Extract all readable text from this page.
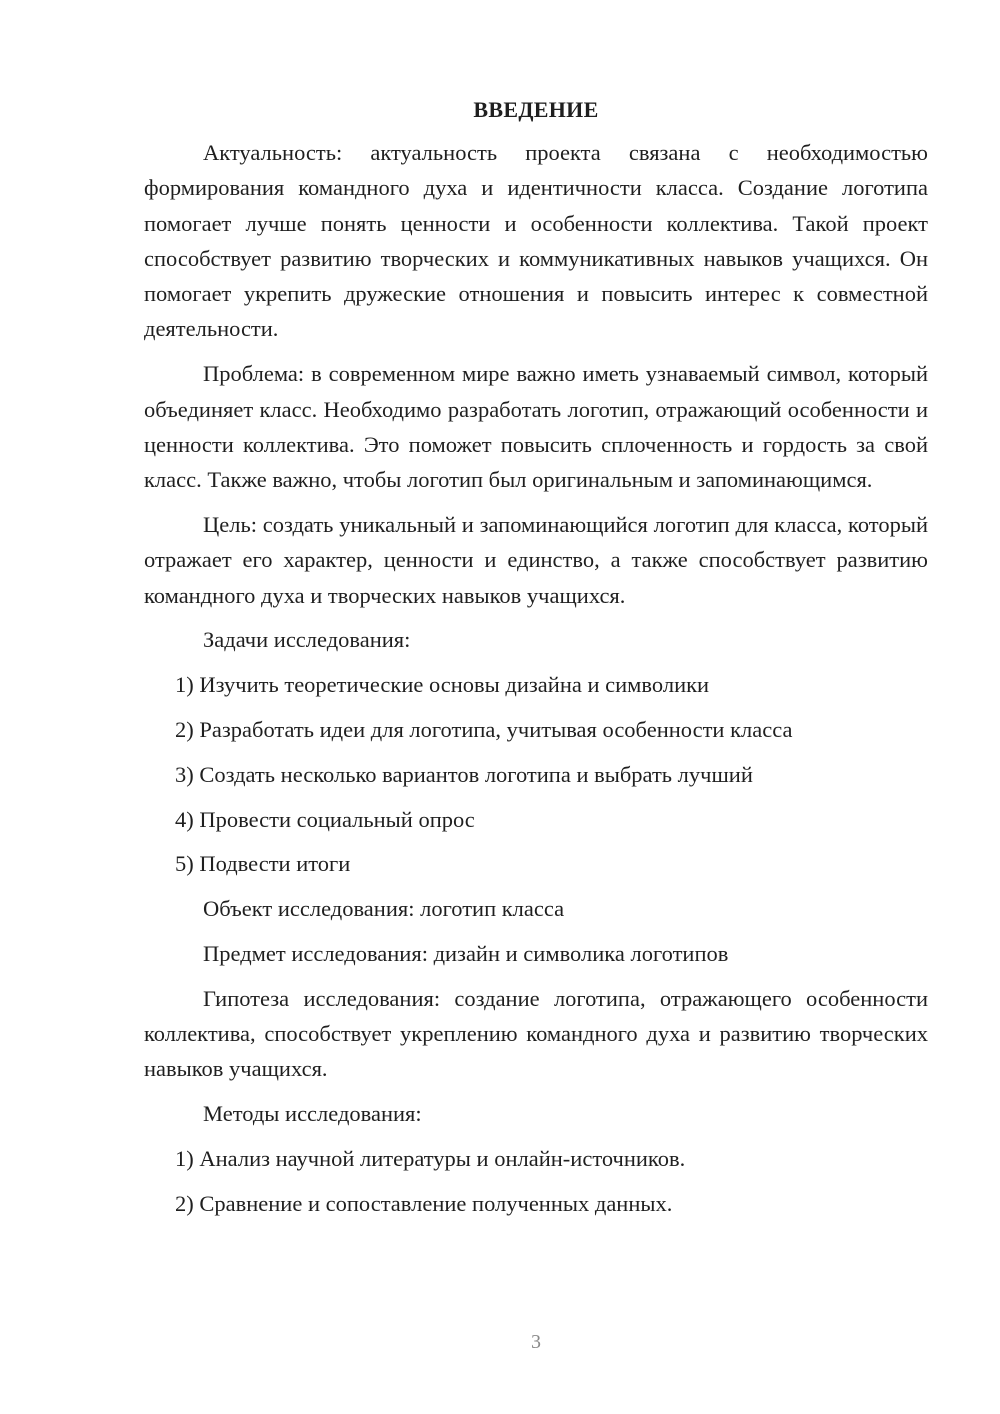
ВВЕДЕНИЕ

Актуальность: актуальность проекта связана с необходимостью формирования командного духа и идентичности класса. Создание логотипа помогает лучше понять ценности и особенности коллектива. Такой проект способствует развитию творческих и коммуникативных навыков учащихся. Он помогает укрепить дружеские отношения и повысить интерес к совместной деятельности.

Проблема: в современном мире важно иметь узнаваемый символ, который объединяет класс. Необходимо разработать логотип, отражающий особенности и ценности коллектива. Это поможет повысить сплоченность и гордость за свой класс. Также важно, чтобы логотип был оригинальным и запоминающимся.

Цель: создать уникальный и запоминающийся логотип для класса, который отражает его характер, ценности и единство, а также способствует развитию командного духа и творческих навыков учащихся.

Задачи исследования:

1) Изучить теоретические основы дизайна и символики

2) Разработать идеи для логотипа, учитывая особенности класса

3) Создать несколько вариантов логотипа и выбрать лучший

4) Провести социальный опрос

5) Подвести итоги

Объект исследования: логотип класса

Предмет исследования: дизайн и символика логотипов

Гипотеза исследования: создание логотипа, отражающего особенности коллектива, способствует укреплению командного духа и развитию творческих навыков учащихся.

Методы исследования:

1) Анализ научной литературы и онлайн-источников.

2) Сравнение и сопоставление полученных данных.

3
